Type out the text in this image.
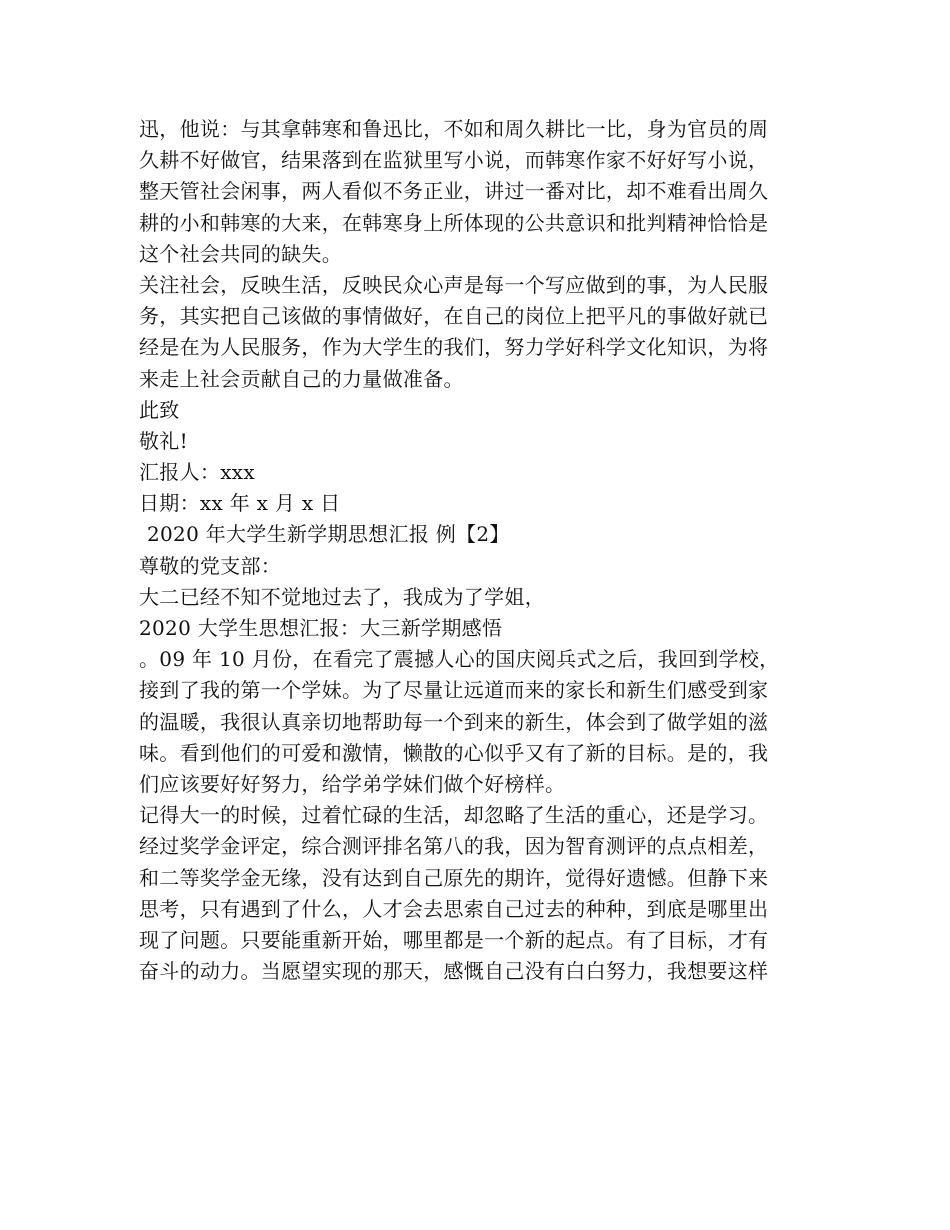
迅，他说：与其拿韩寒和鲁迅比，不如和周久耕比一比，身为官员的周
久耕不好做官，结果落到在监狱里写小说，而韩寒作家不好好写小说，
整天管社会闲事，两人看似不务正业，讲过一番对比，却不难看出周久
耕的小和韩寒的大来，在韩寒身上所体现的公共意识和批判精神恰恰是
这个社会共同的缺失。
关注社会，反映生活，反映民众心声是每一个写应做到的事，为人民服
务，其实把自己该做的事情做好，在自己的岗位上把平凡的事做好就已
经是在为人民服务，作为大学生的我们，努力学好科学文化知识，为将
来走上社会贡献自己的力量做准备。
此致
敬礼!
汇报人：xxx
日期：xx 年 x 月 x 日
2020 年大学生新学期思想汇报 例【2】
尊敬的党支部：
大二已经不知不觉地过去了，我成为了学姐，
2020 大学生思想汇报：大三新学期感悟
。09 年 10 月份，在看完了震撼人心的国庆阅兵式之后，我回到学校，
接到了我的第一个学妹。为了尽量让远道而来的家长和新生们感受到家
的温暖，我很认真亲切地帮助每一个到来的新生，体会到了做学姐的滋
味。看到他们的可爱和激情，懒散的心似乎又有了新的目标。是的，我
们应该要好好努力，给学弟学妹们做个好榜样。
记得大一的时候，过着忙碌的生活，却忽略了生活的重心，还是学习。
经过奖学金评定，综合测评排名第八的我，因为智育测评的点点相差，
和二等奖学金无缘，没有达到自己原先的期许，觉得好遗憾。但静下来
思考，只有遇到了什么，人才会去思索自己过去的种种，到底是哪里出
现了问题。只要能重新开始，哪里都是一个新的起点。有了目标，才有
奋斗的动力。当愿望实现的那天，感慨自己没有白白努力，我想要这样
